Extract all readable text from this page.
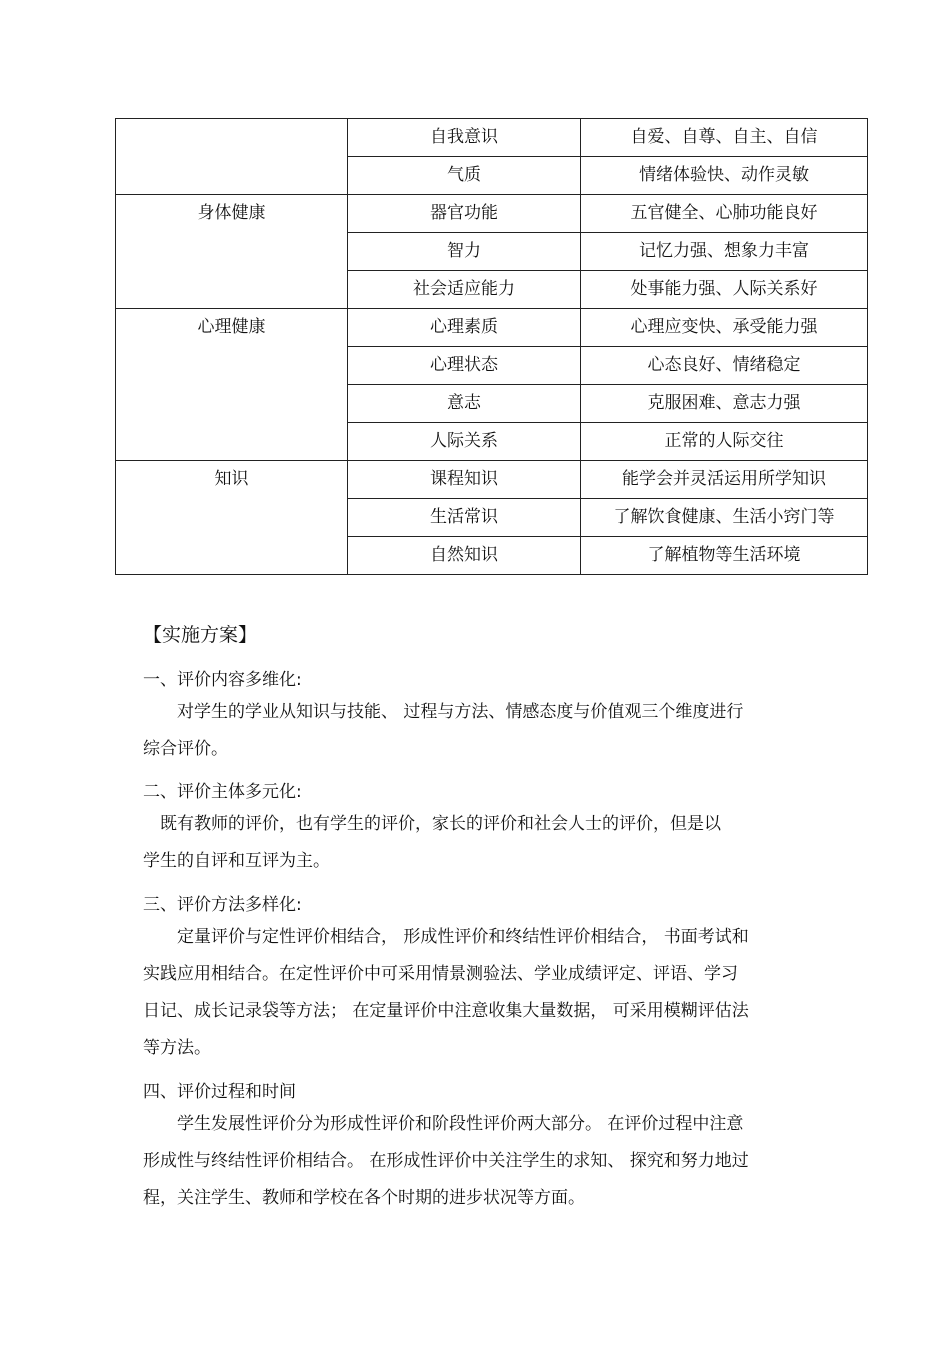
	自我意识	自爱、自尊、自主、自信
	气质	情绪体验快、动作灵敏
身体健康	器官功能	五官健全、心肺功能良好
	智力	记忆力强、想象力丰富
	社会适应能力	处事能力强、人际关系好
心理健康	心理素质	心理应变快、承受能力强
	心理状态	心态良好、情绪稳定
	意志	克服困难、意志力强
	人际关系	正常的人际交往
知识	课程知识	能学会并灵活运用所学知识
	生活常识	了解饮食健康、生活小窍门等
	自然知识	了解植物等生活环境
【实施方案】
一、评价内容多维化:
　　对学生的学业从知识与技能、 过程与方法、情感态度与价值观三个维度进行
综合评价。
二、评价主体多元化:
　既有教师的评价，也有学生的评价，家长的评价和社会人士的评价，但是以
学生的自评和互评为主。
三、评价方法多样化:
　　定量评价与定性评价相结合， 形成性评价和终结性评价相结合， 书面考试和
实践应用相结合。在定性评价中可采用情景测验法、学业成绩评定、评语、学习
日记、成长记录袋等方法； 在定量评价中注意收集大量数据， 可采用模糊评估法
等方法。
四、评价过程和时间
　　学生发展性评价分为形成性评价和阶段性评价两大部分。 在评价过程中注意
形成性与终结性评价相结合。 在形成性评价中关注学生的求知、 探究和努力地过
程，关注学生、教师和学校在各个时期的进步状况等方面。
